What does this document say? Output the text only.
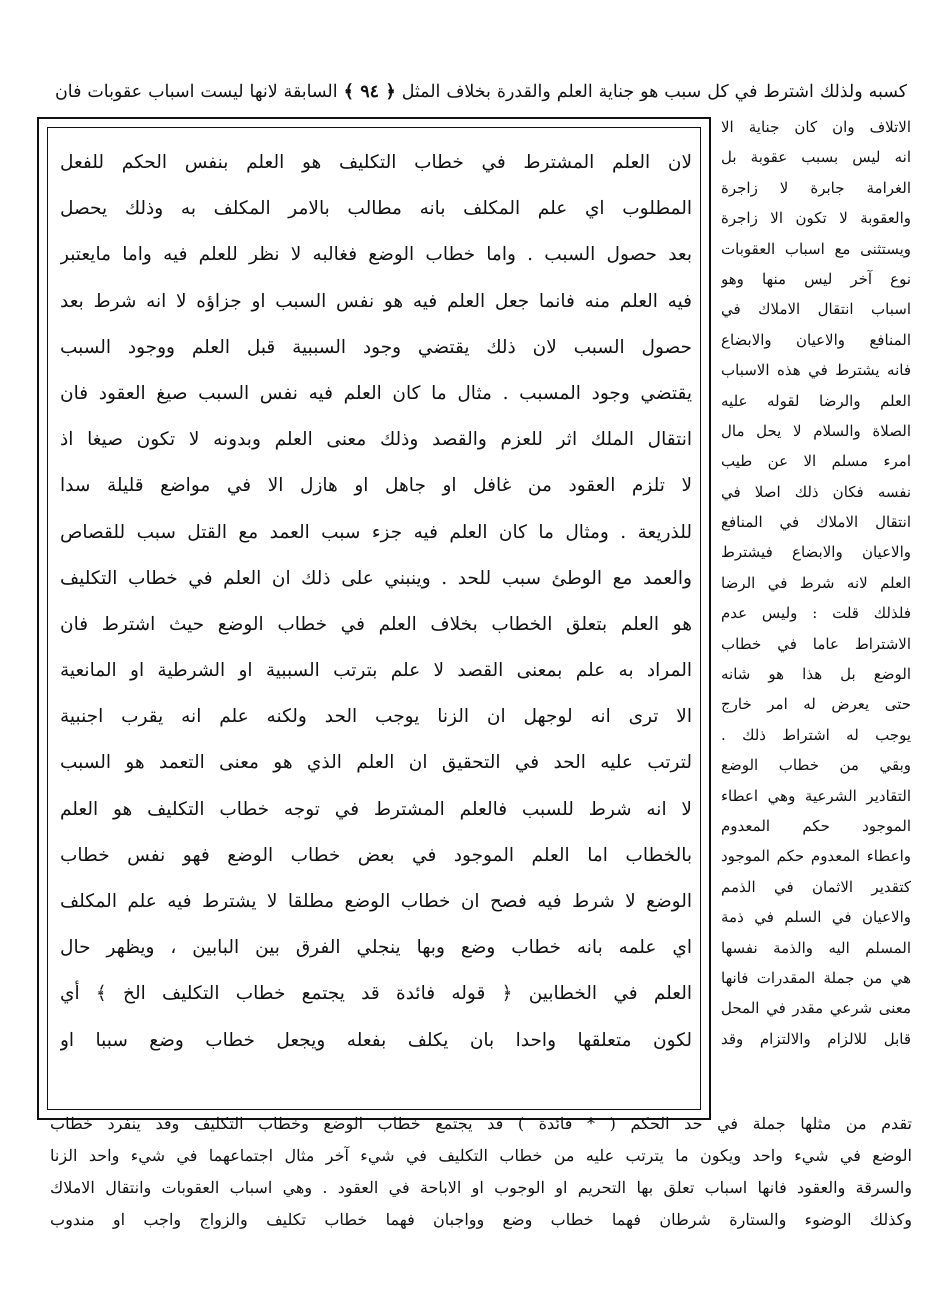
كسبه ولذلك اشترط في كل سبب هو جناية العلم والقدرة بخلاف المثل ﴿ ٩٤ ﴾ السابقة لانها ليست اسباب عقوبات فان
لان العلم المشترط في خطاب التكليف هو العلم بنفس الحكم للفعل
المطلوب اي علم المكلف بانه مطالب بالامر المكلف به وذلك يحصل
بعد حصول السبب . واما خطاب الوضع فغالبه لا نظر للعلم فيه واما مايعتبر
فيه العلم منه فانما جعل العلم فيه هو نفس السبب او جزاؤه لا انه شرط بعد
حصول السبب لان ذلك يقتضي وجود السببية قبل العلم ووجود السبب
يقتضي وجود المسبب . مثال ما كان العلم فيه نفس السبب صيغ العقود فان
انتقال الملك اثر للعزم والقصد وذلك معنى العلم وبدونه لا تكون صيغا اذ
لا تلزم العقود من غافل او جاهل او هازل الا في مواضع قليلة سدا
للذريعة . ومثال ما كان العلم فيه جزء سبب العمد مع القتل سبب للقصاص
والعمد مع الوطئ سبب للحد . وينبني على ذلك ان العلم في خطاب التكليف
هو العلم بتعلق الخطاب بخلاف العلم في خطاب الوضع حيث اشترط فان
المراد به علم بمعنى القصد لا علم بترتب السببية او الشرطية او المانعية
الا ترى انه لوجهل ان الزنا يوجب الحد ولكنه علم انه يقرب اجنبية
لترتب عليه الحد في التحقيق ان العلم الذي هو معنى التعمد هو السبب
لا انه شرط للسبب فالعلم المشترط في توجه خطاب التكليف هو العلم
بالخطاب اما العلم الموجود في بعض خطاب الوضع فهو نفس خطاب
الوضع لا شرط فيه فصح ان خطاب الوضع مطلقا لا يشترط فيه علم المكلف
اي علمه بانه خطاب وضع وبها ينجلي الفرق بين البابين ، ويظهر حال
العلم في الخطابين ﴿ قوله فائدة قد يجتمع خطاب التكليف الخ ﴾ أي
لكون متعلقها واحدا بان يكلف بفعله ويجعل خطاب وضع سببا او
الاتلاف وان كان جناية الا
انه ليس بسبب عقوبة بل
الغرامة جابرة لا زاجرة
والعقوبة لا تكون الا زاجرة
ويستثنى مع اسباب العقوبات
نوع آخر ليس منها وهو
اسباب انتقال الاملاك في
المنافع والاعيان والابضاع
فانه يشترط في هذه الاسباب
العلم والرضا لقوله عليه
الصلاة والسلام لا يحل مال
امرء مسلم الا عن طيب
نفسه فكان ذلك اصلا في
انتقال الاملاك في المنافع
والاعيان والابضاع فيشترط
العلم لانه شرط في الرضا
فلذلك قلت : وليس عدم
الاشتراط عاما في خطاب
الوضع بل هذا هو شانه
حتى يعرض له امر خارج
يوجب له اشتراط ذلك .
وبقي من خطاب الوضع
التقادير الشرعية وهي اعطاء
الموجود حكم المعدوم
واعطاء المعدوم حكم الموجود
كتقدير الاثمان في الذمم
والاعيان في السلم في ذمة
المسلم اليه والذمة نفسها
هي من جملة المقدرات فانها
معنى شرعي مقدر في المحل
قابل للالزام والالتزام وقد
تقدم من مثلها جملة في حد الحكم ( * فائدة ) قد يجتمع خطاب الوضع وخطاب التكليف وقد ينفرد خطاب
الوضع في شيء واحد ويكون ما يترتب عليه من خطاب التكليف في شيء آخر مثال اجتماعهما في شيء واحد الزنا
والسرقة والعقود فانها اسباب تعلق بها التحريم او الوجوب او الاباحة في العقود . وهي اسباب العقوبات وانتقال الاملاك
وكذلك الوضوء والستارة شرطان فهما خطاب وضع وواجبان فهما خطاب تكليف والزواج واجب او مندوب
